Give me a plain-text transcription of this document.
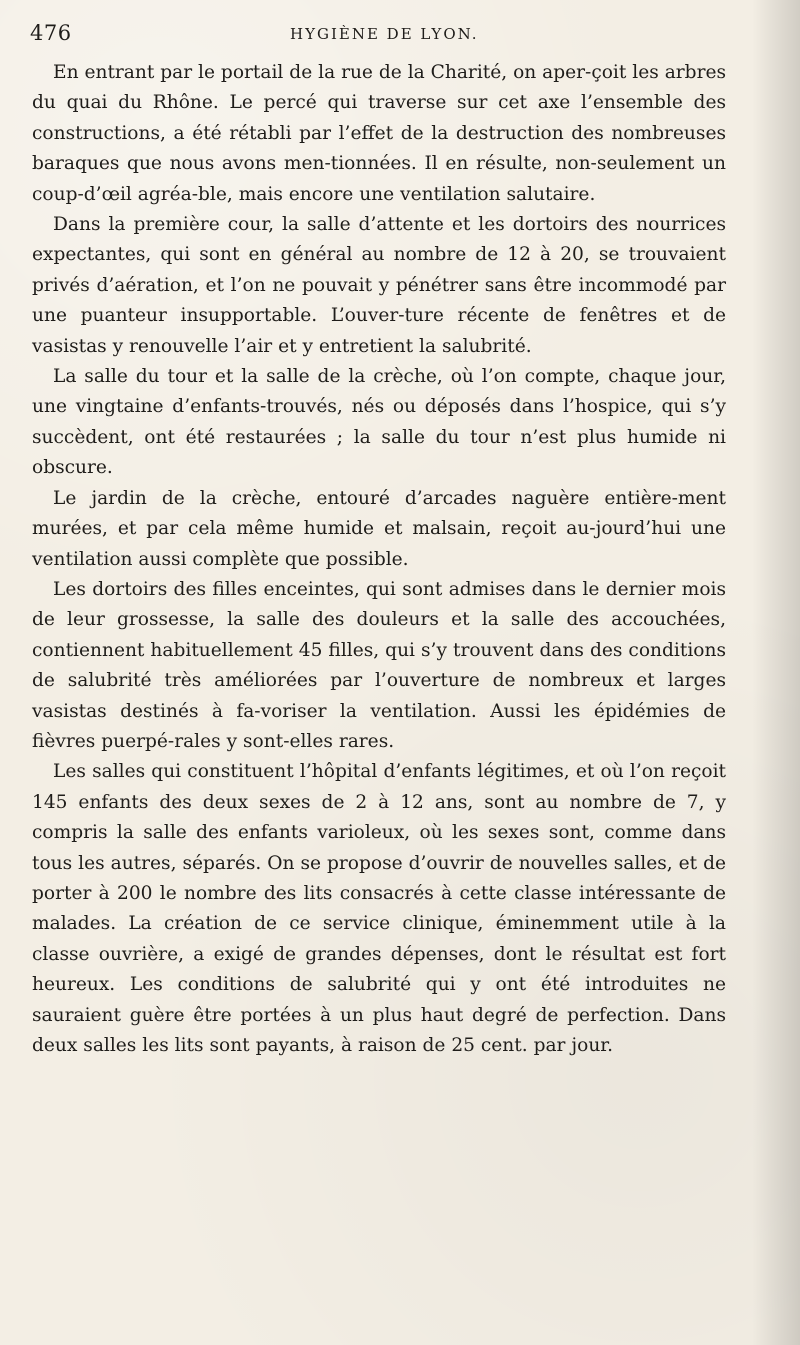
476	HYGIÈNE DE LYON.

En entrant par le portail de la rue de la Charité, on aper-çoit les arbres du quai du Rhône. Le percé qui traverse sur cet axe l’ensemble des constructions, a été rétabli par l’effet de la destruction des nombreuses baraques que nous avons men-tionnées. Il en résulte, non-seulement un coup-d’œil agréa-ble, mais encore une ventilation salutaire.

Dans la première cour, la salle d’attente et les dortoirs des nourrices expectantes, qui sont en général au nombre de 12 à 20, se trouvaient privés d’aération, et l’on ne pouvait y pénétrer sans être incommodé par une puanteur insupportable. L’ouver-ture récente de fenêtres et de vasistas y renouvelle l’air et y entretient la salubrité.

La salle du tour et la salle de la crèche, où l’on compte, chaque jour, une vingtaine d’enfants-trouvés, nés ou déposés dans l’hospice, qui s’y succèdent, ont été restaurées ; la salle du tour n’est plus humide ni obscure.

Le jardin de la crèche, entouré d’arcades naguère entière-ment murées, et par cela même humide et malsain, reçoit au-jourd’hui une ventilation aussi complète que possible.

Les dortoirs des filles enceintes, qui sont admises dans le dernier mois de leur grossesse, la salle des douleurs et la salle des accouchées, contiennent habituellement 45 filles, qui s’y trouvent dans des conditions de salubrité très améliorées par l’ouverture de nombreux et larges vasistas destinés à fa-voriser la ventilation. Aussi les épidémies de fièvres puerpé-rales y sont-elles rares.

Les salles qui constituent l’hôpital d’enfants légitimes, et où l’on reçoit 145 enfants des deux sexes de 2 à 12 ans, sont au nombre de 7, y compris la salle des enfants varioleux, où les sexes sont, comme dans tous les autres, séparés. On se propose d’ouvrir de nouvelles salles, et de porter à 200 le nombre des lits consacrés à cette classe intéressante de malades. La création de ce service clinique, éminemment utile à la classe ouvrière, a exigé de grandes dépenses, dont le résultat est fort heureux. Les conditions de salubrité qui y ont été introduites ne sauraient guère être portées à un plus haut degré de perfection. Dans deux salles les lits sont payants, à raison de 25 cent. par jour.
